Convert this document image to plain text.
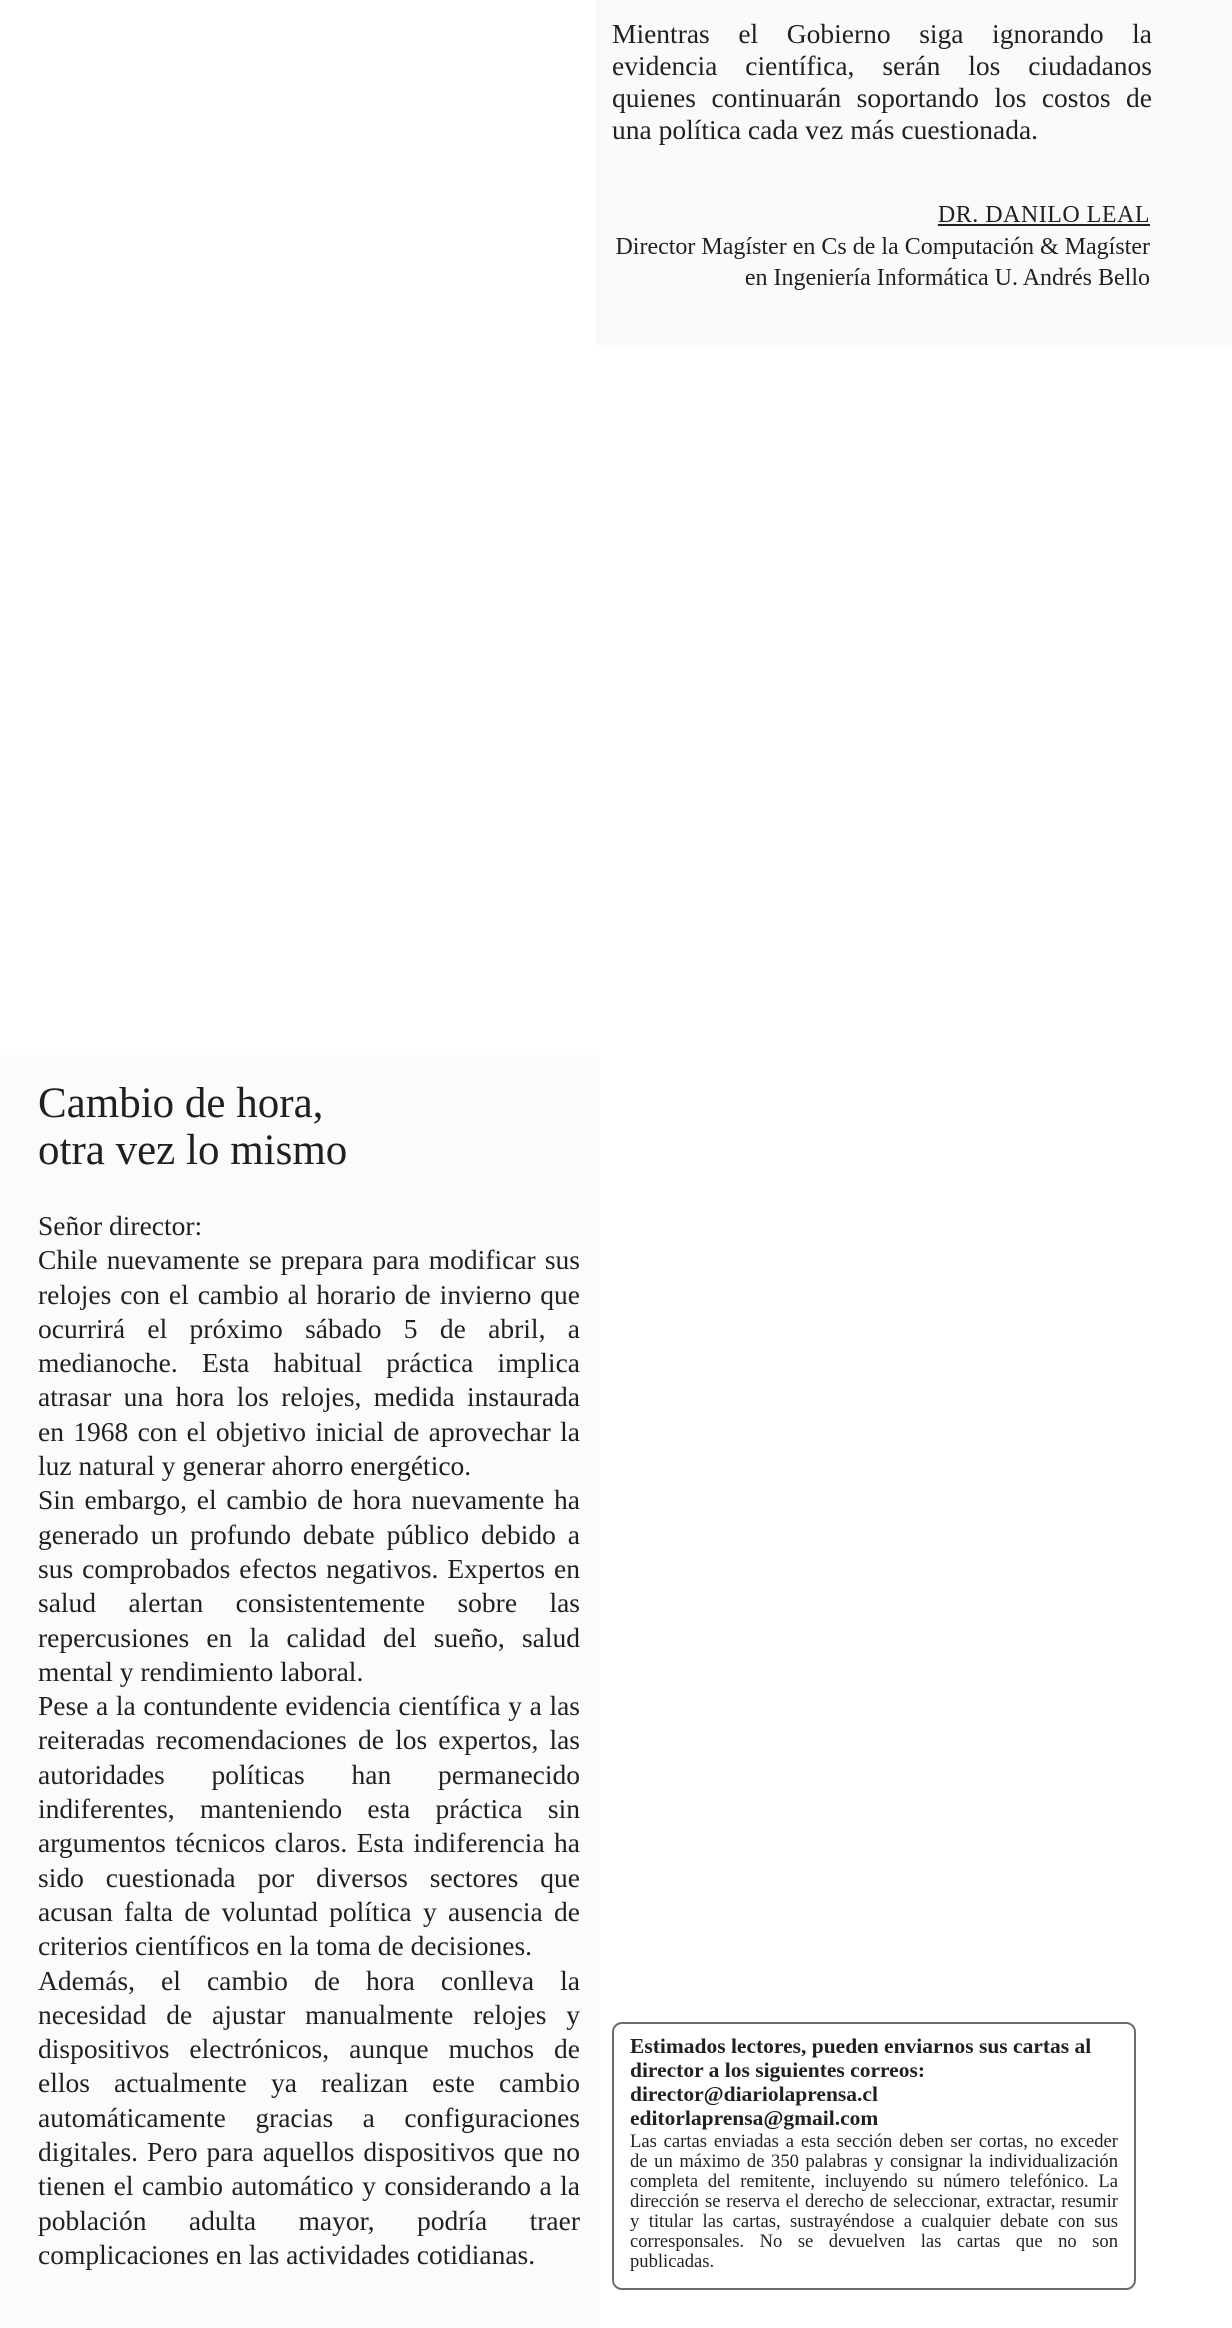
Mientras el Gobierno siga ignorando la evidencia científica, serán los ciudadanos quienes continuarán soportando los costos de una política cada vez más cuestionada.

DR. DANILO LEAL
Director Magíster en Cs de la Computación & Magíster en Ingeniería Informática U. Andrés Bello
Cambio de hora,
otra vez lo mismo

Señor director:

Chile nuevamente se prepara para modificar sus relojes con el cambio al horario de invierno que ocurrirá el próximo sábado 5 de abril, a medianoche. Esta habitual práctica implica atrasar una hora los relojes, medida instaurada en 1968 con el objetivo inicial de aprovechar la luz natural y generar ahorro energético.

Sin embargo, el cambio de hora nuevamente ha generado un profundo debate público debido a sus comprobados efectos negativos. Expertos en salud alertan consistentemente sobre las repercusiones en la calidad del sueño, salud mental y rendimiento laboral.

Pese a la contundente evidencia científica y a las reiteradas recomendaciones de los expertos, las autoridades políticas han permanecido indiferentes, manteniendo esta práctica sin argumentos técnicos claros. Esta indiferencia ha sido cuestionada por diversos sectores que acusan falta de voluntad política y ausencia de criterios científicos en la toma de decisiones.

Además, el cambio de hora conlleva la necesidad de ajustar manualmente relojes y dispositivos electrónicos, aunque muchos de ellos actualmente ya realizan este cambio automáticamente gracias a configuraciones digitales. Pero para aquellos dispositivos que no tienen el cambio automático y considerando a la población adulta mayor, podría traer complicaciones en las actividades cotidianas.

Estimados lectores, pueden enviarnos sus cartas al director a los siguientes correos:

director@diariolaprensa.cl
editorlaprensa@gmail.com

Las cartas enviadas a esta sección deben ser cortas, no exceder de un máximo de 350 palabras y consignar la individualización completa del remitente, incluyendo su número telefónico. La dirección se reserva el derecho de seleccionar, extractar, resumir y titular las cartas, sustrayéndose a cualquier debate con sus corresponsales. No se devuelven las cartas que no son publicadas.
